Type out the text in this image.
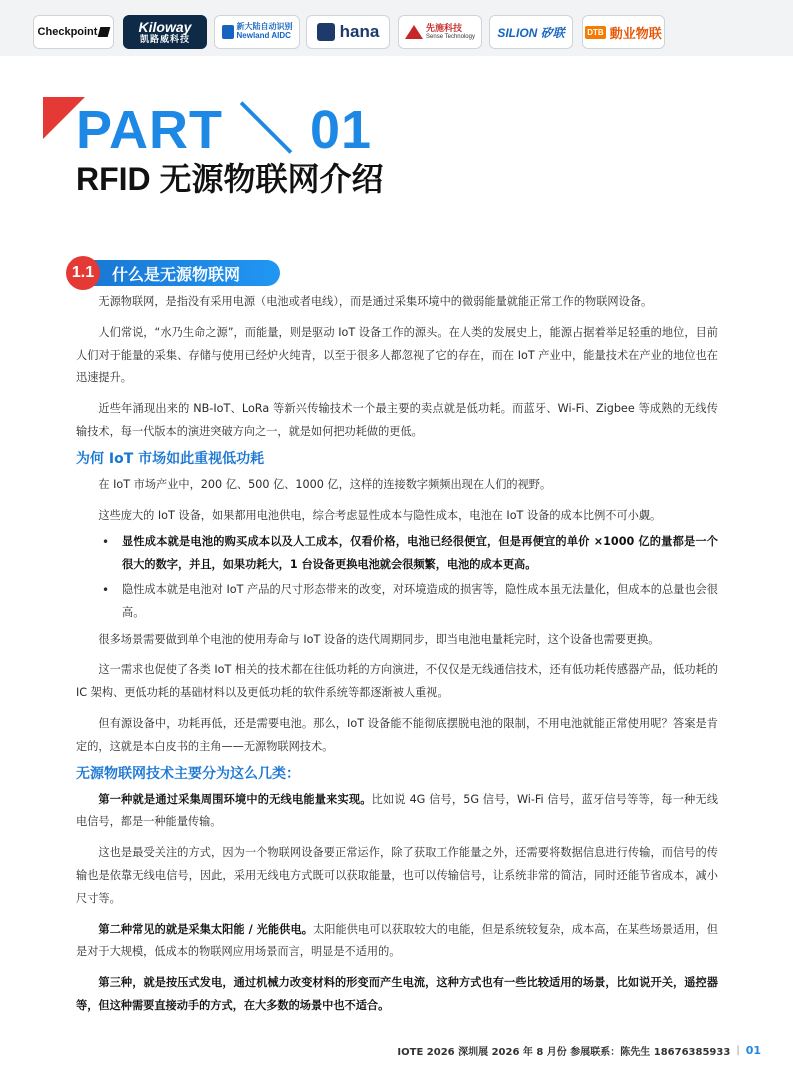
Checkpoint	Kiloway
凯路威科技
新大陆自动识别
Newland AIDC	hana	先施科技
Sense Technology SILION 矽联	DTB 動业物联
PART ＼ 01
RFID 无源物联网介绍
1.1	什么是无源物联网

无源物联网，是指没有采用电源（电池或者电线），而是通过采集环境中的微弱能量就能正常工作的物联网设备。

人们常说，“水乃生命之源”，而能量，则是驱动 IoT 设备工作的源头。在人类的发展史上，能源占据着举足轻重的地位，目前人们对于能量的采集、存储与使用已经炉火纯青，以至于很多人都忽视了它的存在，而在 IoT 产业中，能量技术在产业的地位也在迅速提升。

近些年涌现出来的 NB-IoT、LoRa 等新兴传输技术一个最主要的卖点就是低功耗。而蓝牙、Wi-Fi、Zigbee 等成熟的无线传输技术，每一代版本的演进突破方向之一，就是如何把功耗做的更低。

为何 IoT 市场如此重视低功耗

在 IoT 市场产业中，200 亿、500 亿、1000 亿，这样的连接数字频频出现在人们的视野。

这些庞大的 IoT 设备，如果都用电池供电，综合考虑显性成本与隐性成本，电池在 IoT 设备的成本比例不可小觑。

• 显性成本就是电池的购买成本以及人工成本，仅看价格，电池已经很便宜，但是再便宜的单价 ×1000 亿的量都是一个很大的数字，并且，如果功耗大，1 台设备更换电池就会很频繁，电池的成本更高。
• 隐性成本就是电池对 IoT 产品的尺寸形态带来的改变，对环境造成的损害等，隐性成本虽无法量化，但成本的总量也会很高。

很多场景需要做到单个电池的使用寿命与 IoT 设备的迭代周期同步，即当电池电量耗完时，这个设备也需要更换。

这一需求也促使了各类 IoT 相关的技术都在往低功耗的方向演进，不仅仅是无线通信技术，还有低功耗传感器产品，低功耗的 IC 架构、更低功耗的基础材料以及更低功耗的软件系统等都逐渐被人重视。

但有源设备中，功耗再低，还是需要电池。那么，IoT 设备能不能彻底摆脱电池的限制，不用电池就能正常使用呢？答案是肯定的，这就是本白皮书的主角——无源物联网技术。

无源物联网技术主要分为这么几类：

第一种就是通过采集周围环境中的无线电能量来实现。比如说 4G 信号，5G 信号，Wi-Fi 信号，蓝牙信号等等，每一种无线电信号，都是一种能量传输。

这也是最受关注的方式，因为一个物联网设备要正常运作，除了获取工作能量之外，还需要将数据信息进行传输，而信号的传输也是依靠无线电信号，因此，采用无线电方式既可以获取能量，也可以传输信号，让系统非常的简洁，同时还能节省成本，减小尺寸等。

第二种常见的就是采集太阳能 / 光能供电。太阳能供电可以获取较大的电能，但是系统较复杂，成本高，在某些场景适用，但是对于大规模，低成本的物联网应用场景而言，明显是不适用的。

第三种，就是按压式发电，通过机械力改变材料的形变而产生电流，这种方式也有一些比较适用的场景，比如说开关，遥控器等，但这种需要直接动手的方式，在大多数的场景中也不适合。

IOTE 2026 深圳展 2026 年 8 月份 参展联系：陈先生 18676385933 | 01
